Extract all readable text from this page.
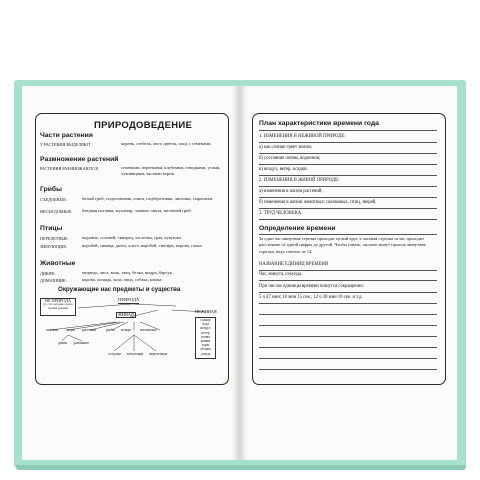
ПРИРОДОВЕДЕНИЕ
Части растения
У РАСТЕНИЯ ВЫДЕЛЯЮТ	корень, стебель, лист, цветок, плод с семенами.
Размножение растений
РАСТЕНИЯ РАЗМНОЖАЮТСЯ	семенами, черенками, клубнями, отводками, усами, луковицами, частями корня.
Грибы
СЪЕДОБНЫЕ:	белый гриб, подосиновик, опята, подберезовик, лисички, сыроежки.
НЕСЪЕДОБНЫЕ: бледная поганка, мухомор, ложные опята, желчный гриб.
Птицы
ПЕРЕЛЕТНЫЕ:	журавль, соловей, скворец, ласточка, грач, кукушка.
ЗИМУЮЩИЕ:	воробей, синица, дятел, клест, воробей, снегирь, ворона, галка.
Животные
ДИКИЕ:	медведь, лиса, волк, заяц, белка, выдра, барсук.
ДОМАШНИЕ:	корова, лошадь, коза, овца, собака, кошка.
Окружающие нас предметы и существа
НЕ ПРИРОДА
(то, что человек сделал своими руками)
ПРИРОДА
ЖИВАЯ
НЕЖИВАЯ
человек звери растения	рыбы птицы насекомые
дикие домашние
оседлые кочующие перелетные
солнце
вода
воздух
ветер
почва
камни
горы
облака
дождь
План характеристики времени года
1. ИЗМЕНЕНИЯ В НЕЖИВОЙ ПРИРОДЕ:
а) как солнце греет землю;
б) состояние почвы, водоемов;
в) воздух, ветер, осадки.
2. ИЗМЕНЕНИЯ В ЖИВОЙ ПРИРОДЕ:
а) изменения в жизни растений;
б) изменения в жизни животных: насекомых, птиц, зверей.
3. ТРУД ЧЕЛОВЕКА.
Определение времени
За один час минутная стрелка проходит целый круг, а часовая стрелка за час проходит расстояние от одной цифры до другой. Чтобы узнать, сколько минут прошло минутная стрелка, надо считать от 12.
НАЗВАНИЕ ЕДИНИЦ ВРЕМЕНИ
Час, минута, секунда.
При числах единицы времени пишутся сокращенно:
5 ч 47 мин; 10 мин 15 сек.; 12 ч 30 мин 10 сек. и т.д.
